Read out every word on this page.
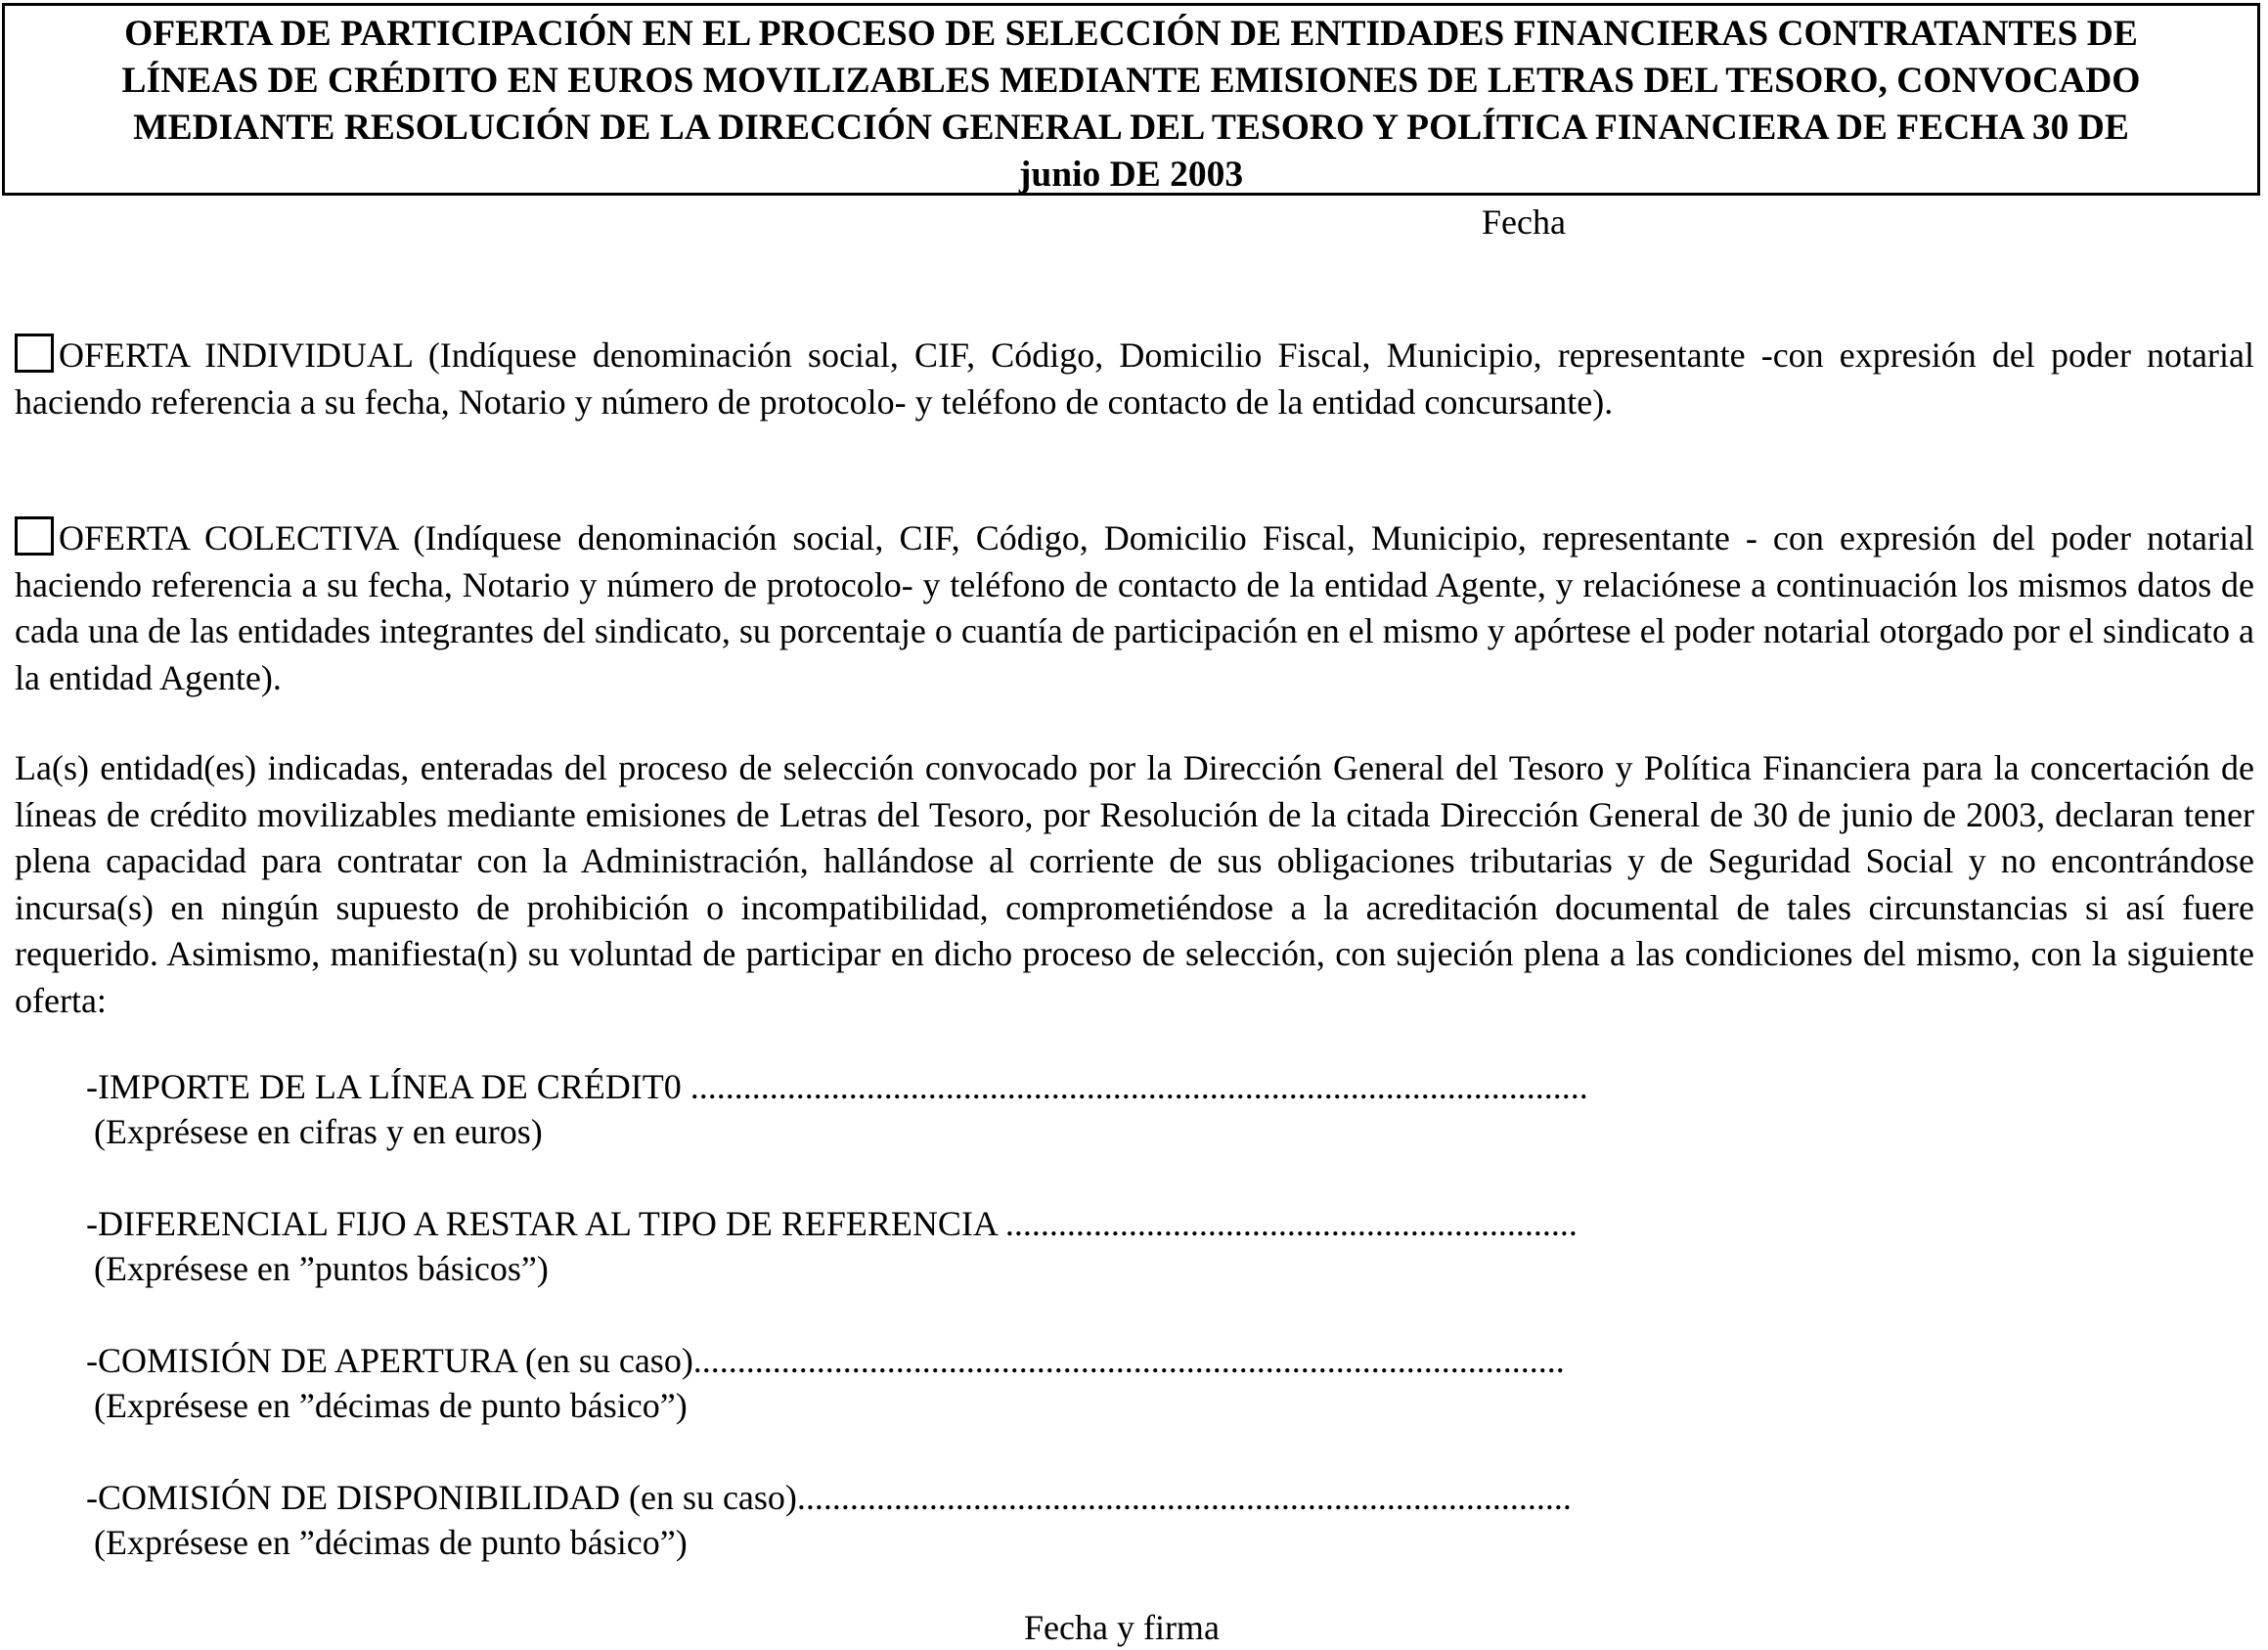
OFERTA DE PARTICIPACIÓN EN EL PROCESO DE SELECCIÓN DE ENTIDADES FINANCIERAS CONTRATANTES DE
LÍNEAS DE CRÉDITO EN EUROS MOVILIZABLES MEDIANTE EMISIONES DE LETRAS DEL TESORO, CONVOCADO
MEDIANTE RESOLUCIÓN DE LA DIRECCIÓN GENERAL DEL TESORO Y POLÍTICA FINANCIERA DE FECHA 30 DE
junio DE 2003
Fecha
OFERTA INDIVIDUAL (Indíquese denominación social, CIF, Código, Domicilio Fiscal, Municipio, representante -con expresión del poder notarial haciendo referencia a su fecha, Notario y número de protocolo- y teléfono de contacto de la entidad concursante).
OFERTA COLECTIVA (Indíquese denominación social, CIF, Código, Domicilio Fiscal, Municipio, representante - con expresión del poder notarial haciendo referencia a su fecha, Notario y número de protocolo- y teléfono de contacto de la entidad Agente, y relaciónese a continuación los mismos datos de cada una de las entidades integrantes del sindicato, su porcentaje o cuantía de participación en el mismo y apórtese el poder notarial otorgado por el sindicato a la entidad Agente).
La(s) entidad(es) indicadas, enteradas del proceso de selección convocado por la Dirección General del Tesoro y Política Financiera para la concertación de líneas de crédito movilizables mediante emisiones de Letras del Tesoro, por Resolución de la citada Dirección General de 30 de junio de 2003, declaran tener plena capacidad para contratar con la Administración, hallándose al corriente de sus obligaciones tributarias y de Seguridad Social y no encontrándose incursa(s) en ningún supuesto de prohibición o incompatibilidad, comprometiéndose a la acreditación documental de tales circunstancias si así fuere requerido. Asimismo, manifiesta(n) su voluntad de participar en dicho proceso de selección, con sujeción plena a las condiciones del mismo, con la siguiente oferta:
-IMPORTE DE LA LÍNEA DE CRÉDIT0 ......................................................................................................
(Exprésese en cifras y en euros)
-DIFERENCIAL FIJO A RESTAR AL TIPO DE REFERENCIA .................................................................
(Exprésese en ”puntos básicos”)
-COMISIÓN DE APERTURA (en su caso)...................................................................................................
(Exprésese en ”décimas de punto básico”)
-COMISIÓN DE DISPONIBILIDAD (en su caso)........................................................................................
(Exprésese en ”décimas de punto básico”)
Fecha y firma
